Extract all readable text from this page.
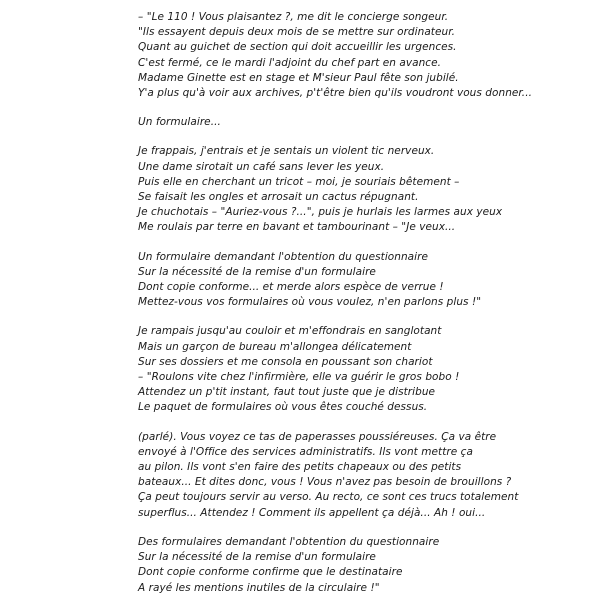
– "Le 110 ! Vous plaisantez ?, me dit le concierge songeur.
"Ils essayent depuis deux mois de se mettre sur ordinateur.
Quant au guichet de section qui doit accueillir les urgences.
C'est fermé, ce le mardi l'adjoint du chef part en avance.
Madame Ginette est en stage et M'sieur Paul fête son jubilé.
Y'a plus qu'à voir aux archives, p't'être bien qu'ils voudront vous donner...
Un formulaire...
Je frappais, j'entrais et je sentais un violent tic nerveux.
Une dame sirotait un café sans lever les yeux.
Puis elle en cherchant un tricot – moi, je souriais bêtement –
Se faisait les ongles et arrosait un cactus répugnant.
Je chuchotais – "Auriez-vous ?...", puis je hurlais les larmes aux yeux
Me roulais par terre en bavant et tambourinant – "Je veux...
Un formulaire demandant l'obtention du questionnaire
Sur la nécessité de la remise d'un formulaire
Dont copie conforme... et merde alors espèce de verrue !
Mettez-vous vos formulaires où vous voulez, n'en parlons plus !"
Je rampais jusqu'au couloir et m'effondrais en sanglotant
Mais un garçon de bureau m'allongea délicatement
Sur ses dossiers et me consola en poussant son chariot
– "Roulons vite chez l'infirmière, elle va guérir le gros bobo !
Attendez un p'tit instant, faut tout juste que je distribue
Le paquet de formulaires où vous êtes couché dessus.
(parlé). Vous voyez ce tas de paperasses poussiéreuses. Ça va être
envoyé à l'Office des services administratifs. Ils vont mettre ça
au pilon. Ils vont s'en faire des petits chapeaux ou des petits
bateaux... Et dites donc, vous ! Vous n'avez pas besoin de brouillons ?
Ça peut toujours servir au verso. Au recto, ce sont ces trucs totalement
superflus... Attendez ! Comment ils appellent ça déjà... Ah ! oui...
Des formulaires demandant l'obtention du questionnaire
Sur la nécessité de la remise d'un formulaire
Dont copie conforme confirme que le destinataire
A rayé les mentions inutiles de la circulaire !"
